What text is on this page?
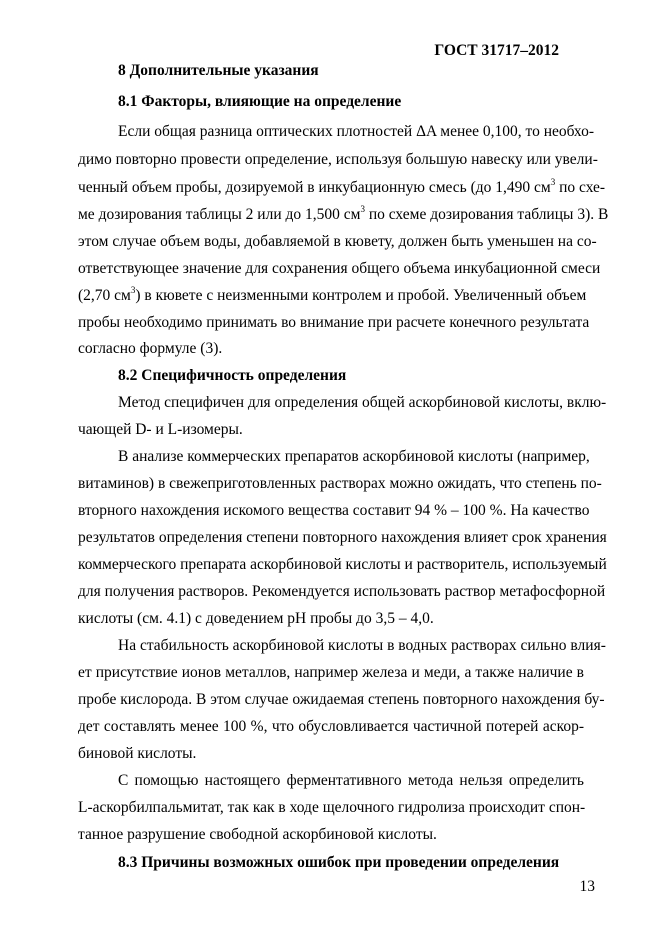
ГОСТ 31717–2012
8 Дополнительные указания
8.1 Факторы, влияющие на определение
Если общая разница оптических плотностей ΔA менее 0,100, то необхо-
димо повторно провести определение, используя большую навеску или увели-
ченный объем пробы, дозируемой в инкубационную смесь (до 1,490 $см^3$ по схе-
ме дозирования таблицы 2 или до 1,500 $см^3$ по схеме дозирования таблицы 3). В
этом случае объем воды, добавляемой в кювету, должен быть уменьшен на со-
ответствующее значение для сохранения общего объема инкубационной смеси
(2,70 $см^3$) в кювете с неизменными контролем и пробой. Увеличенный объем
пробы необходимо принимать во внимание при расчете конечного результата
согласно формуле (3).
8.2 Специфичность определения
Метод специфичен для определения общей аскорбиновой кислоты, вклю-
чающей D- и L-изомеры.
В анализе коммерческих препаратов аскорбиновой кислоты (например,
витаминов) в свежеприготовленных растворах можно ожидать, что степень по-
вторного нахождения искомого вещества составит 94 % – 100 %. На качество
результатов определения степени повторного нахождения влияет срок хранения
коммерческого препарата аскорбиновой кислоты и растворитель, используемый
для получения растворов. Рекомендуется использовать раствор метафосфорной
кислоты (см. 4.1) с доведением pH пробы до 3,5 – 4,0.
На стабильность аскорбиновой кислоты в водных растворах сильно влия-
ет присутствие ионов металлов, например железа и меди, а также наличие в
пробе кислорода. В этом случае ожидаемая степень повторного нахождения бу-
дет составлять менее 100 %, что обусловливается частичной потерей аскор-
биновой кислоты.
С помощью настоящего ферментативного метода нельзя определить
L-аскорбилпальмитат, так как в ходе щелочного гидролиза происходит спон-
танное разрушение свободной аскорбиновой кислоты.
8.3 Причины возможных ошибок при проведении определения
13
